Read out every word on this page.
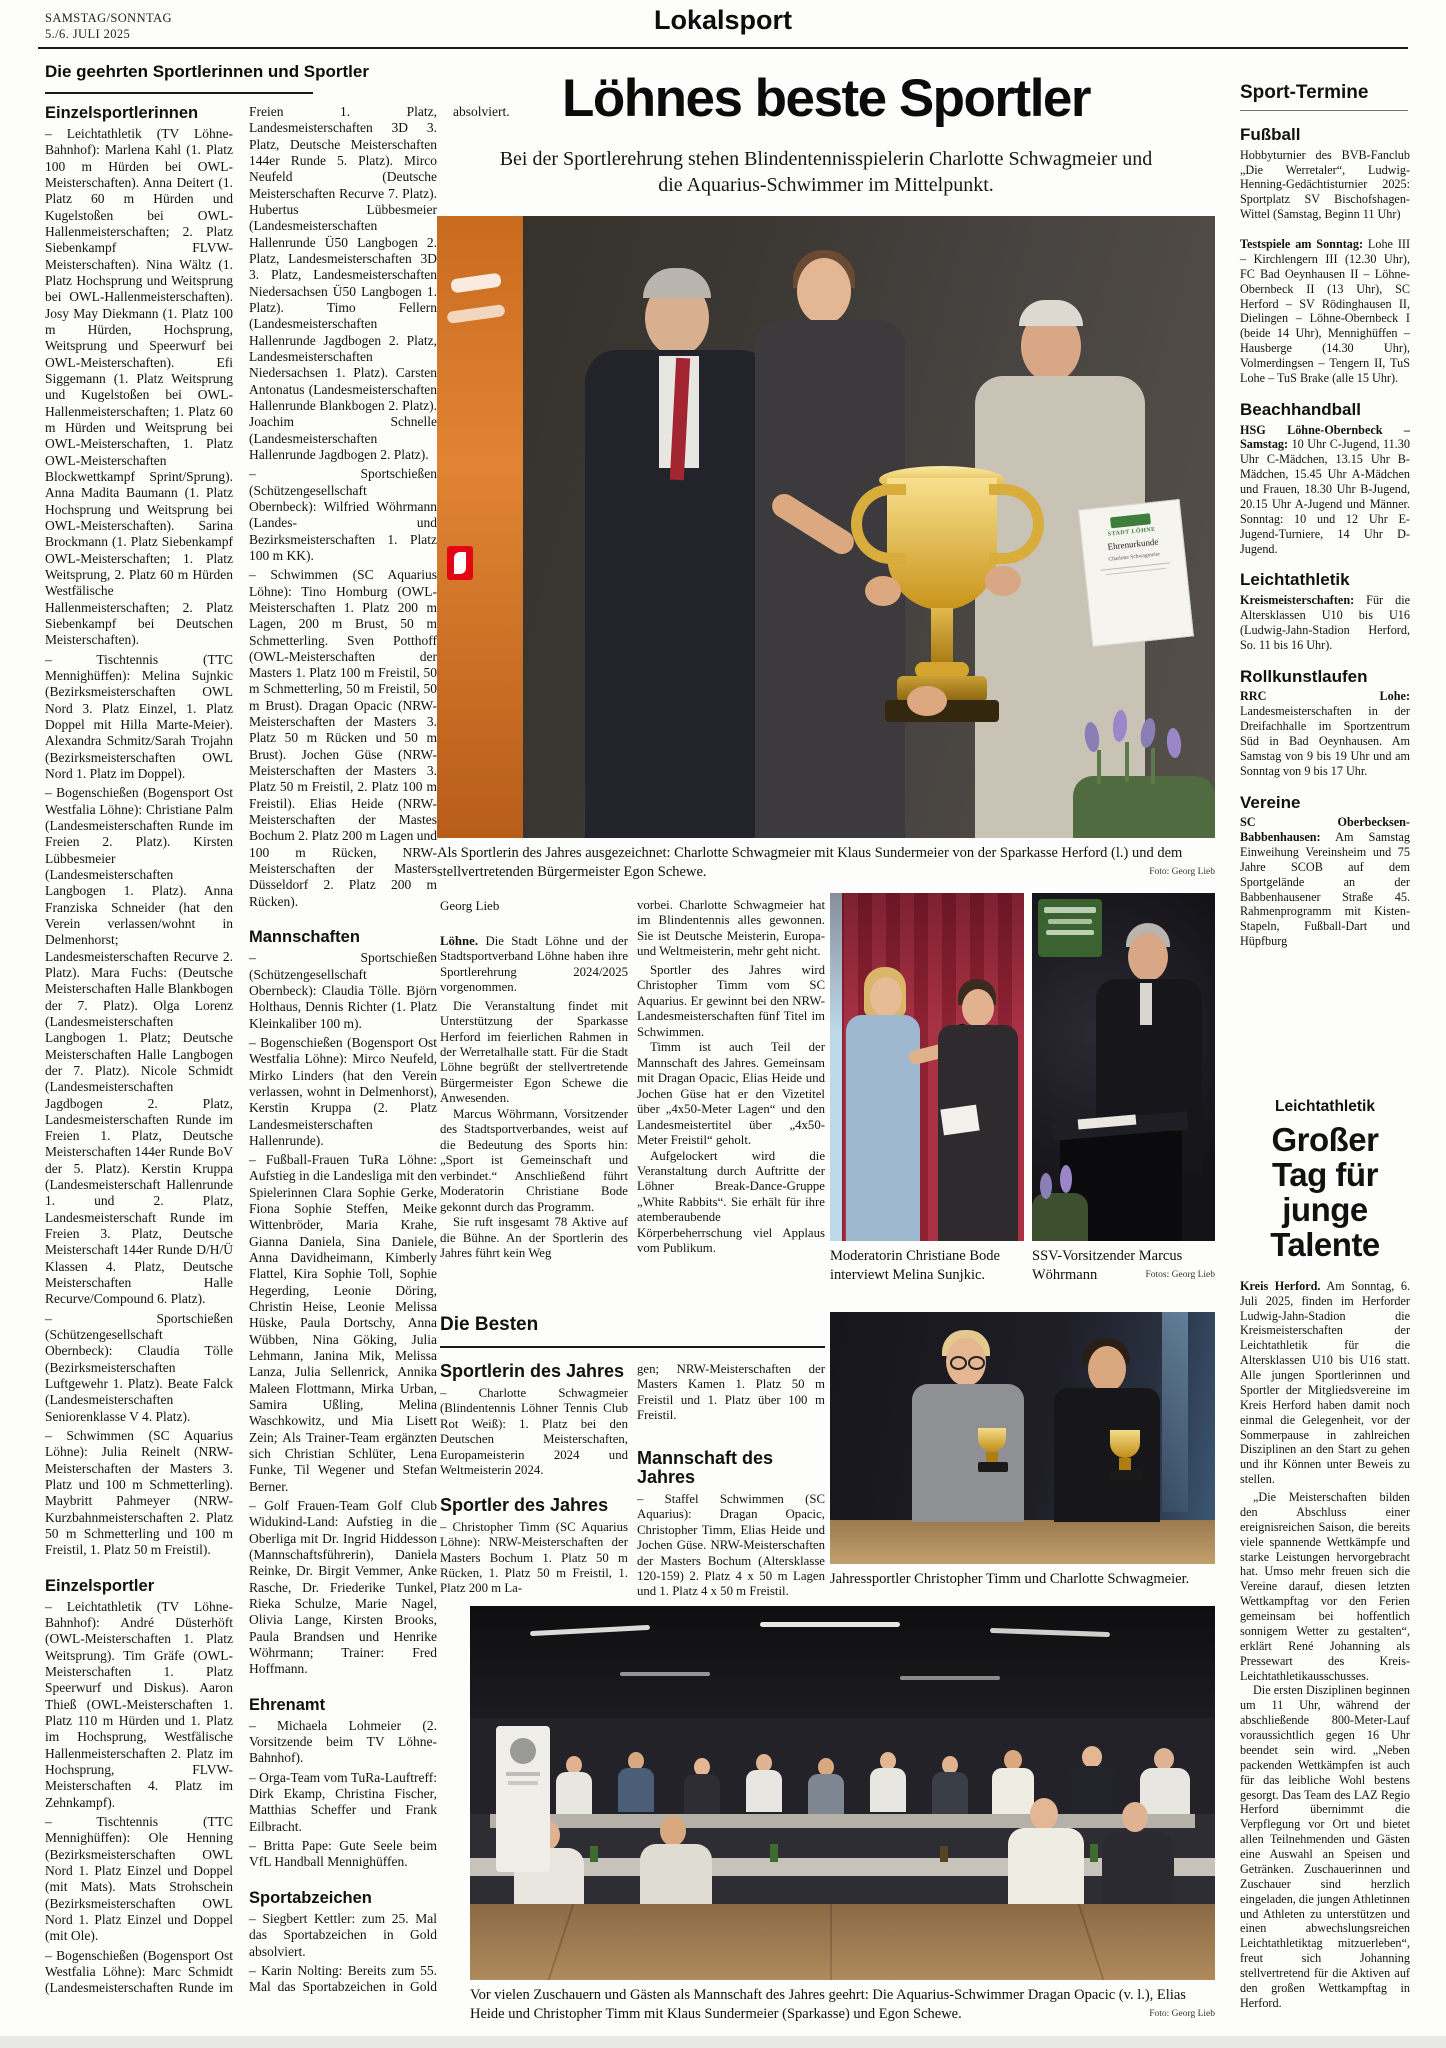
SAMSTAG/SONNTAG
5./6. JULI 2025	Lokalsport
Die geehrten Sportlerinnen und Sportler
Einzelsportlerinnen
– Leichtathletik (TV Löhne-Bahnhof): Marlena Kahl (1. Platz 100 m Hürden bei OWL-Meisterschaften). Anna Deitert (1. Platz 60 m Hürden und Kugelstoßen bei OWL-Hallenmeisterschaften; 2. Platz Siebenkampf FLVW-Meisterschaften). Nina Wältz (1. Platz Hochsprung und Weitsprung bei OWL-Hallenmeisterschaften). Josy May Diekmann (1. Platz 100 m Hürden, Hochsprung, Weitsprung und Speerwurf bei OWL-Meisterschaften). Efi Siggemann (1. Platz Weitsprung und Kugelstoßen bei OWL-Hallenmeisterschaften; 1. Platz 60 m Hürden und Weitsprung bei OWL-Meisterschaften, 1. Platz OWL-Meisterschaften Blockwettkampf Sprint/Sprung). Anna Madita Baumann (1. Platz Hochsprung und Weitsprung bei OWL-Meisterschaften). Sarina Brockmann (1. Platz Siebenkampf OWL-Meisterschaften; 1. Platz Weitsprung, 2. Platz 60 m Hürden Westfälische Hallenmeisterschaften; 2. Platz Siebenkampf bei Deutschen Meisterschaften).
– Tischtennis (TTC Mennighüffen): Melina Sujnkic (Bezirksmeisterschaften OWL Nord 3. Platz Einzel, 1. Platz Doppel mit Hilla Marte-Meier). Alexandra Schmitz/Sarah Trojahn (Bezirksmeisterschaften OWL Nord 1. Platz im Doppel).
– Bogenschießen (Bogensport Ost Westfalia Löhne): Christiane Palm (Landesmeisterschaften Runde im Freien 2. Platz). Kirsten Lübbesmeier (Landesmeisterschaften Langbogen 1. Platz). Anna Franziska Schneider (hat den Verein verlassen/wohnt in Delmenhorst; Landesmeisterschaften Recurve 2. Platz). Mara Fuchs: (Deutsche Meisterschaften Halle Blankbogen der 7. Platz). Olga Lorenz (Landesmeisterschaften Langbogen 1. Platz; Deutsche Meisterschaften Halle Langbogen der 7. Platz). Nicole Schmidt (Landesmeisterschaften Jagdbogen 2. Platz, Landesmeisterschaften Runde im Freien 1. Platz, Deutsche Meisterschaften 144er Runde BoV der 5. Platz). Kerstin Kruppa (Landesmeisterschaft Hallenrunde 1. und 2. Platz, Landesmeisterschaft Runde im Freien 3. Platz, Deutsche Meisterschaft 144er Runde D/H/Ü Klassen 4. Platz, Deutsche Meisterschaften Halle Recurve/Compound 6. Platz).
– Sportschießen (Schützengesellschaft Obernbeck): Claudia Tölle (Bezirksmeisterschaften Luftgewehr 1. Platz). Beate Falck (Landesmeisterschaften Seniorenklasse V 4. Platz).
– Schwimmen (SC Aquarius Löhne): Julia Reinelt (NRW-Meisterschaften der Masters 3. Platz und 100 m Schmetterling). Maybritt Pahmeyer (NRW-Kurzbahnmeisterschaften 2. Platz 50 m Schmetterling und 100 m Freistil, 1. Platz 50 m Freistil).
Einzelsportler
– Leichtathletik (TV Löhne-Bahnhof): André Düsterhöft (OWL-Meisterschaften 1. Platz Weitsprung). Tim Gräfe (OWL-Meisterschaften 1. Platz Speerwurf und Diskus). Aaron Thieß (OWL-Meisterschaften 1. Platz 110 m Hürden und 1. Platz im Hochsprung, Westfälische Hallenmeisterschaften 2. Platz im Hochsprung, FLVW-Meisterschaften 4. Platz im Zehnkampf).
– Tischtennis (TTC Mennighüffen): Ole Henning (Bezirksmeisterschaften OWL Nord 1. Platz Einzel und Doppel (mit Mats). Mats Strohschein (Bezirksmeisterschaften OWL Nord 1. Platz Einzel und Doppel (mit Ole).
– Bogenschießen (Bogensport Ost Westfalia Löhne): Marc Schmidt (Landesmeisterschaften Runde im Freien 1. Platz, Landesmeisterschaften 3D 3. Platz, Deutsche Meisterschaften 144er Runde 5. Platz). Mirco Neufeld (Deutsche Meisterschaften Recurve 7. Platz). Hubertus Lübbesmeier (Landesmeisterschaften Hallenrunde Ü50 Langbogen 2. Platz, Landesmeisterschaften 3D 3. Platz, Landesmeisterschaften Niedersachsen Ü50 Langbogen 1. Platz). Timo Fellern (Landesmeisterschaften Hallenrunde Jagdbogen 2. Platz, Landesmeisterschaften Niedersachsen 1. Platz). Carsten Antonatus (Landesmeisterschaften Hallenrunde Blankbogen 2. Platz). Joachim Schnelle (Landesmeisterschaften Hallenrunde Jagdbogen 2. Platz).
– Sportschießen (Schützengesellschaft Obernbeck): Wilfried Wöhrmann (Landes- und Bezirksmeisterschaften 1. Platz 100 m KK).
– Schwimmen (SC Aquarius Löhne): Tino Homburg (OWL-Meisterschaften 1. Platz 200 m Lagen, 200 m Brust, 50 m Schmetterling. Sven Potthoff (OWL-Meisterschaften der Masters 1. Platz 100 m Freistil, 50 m Schmetterling, 50 m Freistil, 50 m Brust). Dragan Opacic (NRW-Meisterschaften der Masters 3. Platz 50 m Rücken und 50 m Brust). Jochen Güse (NRW-Meisterschaften der Masters 3. Platz 50 m Freistil, 2. Platz 100 m Freistil). Elias Heide (NRW-Meisterschaften der Mastes Bochum 2. Platz 200 m Lagen und 100 m Rücken, NRW-Meisterschaften der Masters Düsseldorf 2. Platz 200 m Rücken).
Mannschaften
– Sportschießen (Schützengesellschaft Obernbeck): Claudia Tölle. Björn Holthaus, Dennis Richter (1. Platz Kleinkaliber 100 m).
– Bogenschießen (Bogensport Ost Westfalia Löhne): Mirco Neufeld, Mirko Linders (hat den Verein verlassen, wohnt in Delmenhorst), Kerstin Kruppa (2. Platz Landesmeisterschaften Hallenrunde).
– Fußball-Frauen TuRa Löhne: Aufstieg in die Landesliga mit den Spielerinnen Clara Sophie Gerke, Fiona Sophie Steffen, Meike Wittenbröder, Maria Krahe, Gianna Daniela, Sina Daniele, Anna Davidheimann, Kimberly Flattel, Kira Sophie Toll, Sophie Hegerding, Leonie Döring, Christin Heise, Leonie Melissa Hüske, Paula Dortschy, Anna Wübben, Nina Göking, Julia Lehmann, Janina Mik, Melissa Lanza, Julia Sellenrick, Annika Maleen Flottmann, Mirka Urban, Samira Ußling, Melina Waschkowitz, und Mia Lisett Zein; Als Trainer-Team ergänzten sich Christian Schlüter, Lena Funke, Til Wegener und Stefan Berner.
– Golf Frauen-Team Golf Club Widukind-Land: Aufstieg in die Oberliga mit Dr. Ingrid Hiddesson (Mannschaftsführerin), Daniela Reinke, Dr. Birgit Vemmer, Anke Rasche, Dr. Friederike Tunkel, Rieka Schulze, Marie Nagel, Olivia Lange, Kirsten Brooks, Paula Brandsen und Henrike Wöhrmann; Trainer: Fred Hoffmann.
Ehrenamt
– Michaela Lohmeier (2. Vorsitzende beim TV Löhne-Bahnhof).
– Orga-Team vom TuRa-Lauftreff: Dirk Ekamp, Christina Fischer, Matthias Scheffer und Frank Eilbracht.
– Britta Pape: Gute Seele beim VfL Handball Mennighüffen.
Sportabzeichen
– Siegbert Kettler: zum 25. Mal das Sportabzeichen in Gold absolviert.
– Karin Nolting: Bereits zum 55. Mal das Sportabzeichen in Gold absolviert. Löhnes beste Sportler
Bei der Sportlerehrung stehen Blindentennisspielerin Charlotte Schwagmeier und die Aquarius-Schwimmer im Mittelpunkt.
STADT LÖHNE
Ehrenurkunde
Charlotte Schwagmeier
Als Sportlerin des Jahres ausgezeichnet: Charlotte Schwagmeier mit Klaus Sundermeier von der Sparkasse Herford (l.) und dem stellvertretenden Bürgermeister Egon Schewe.	Foto: Georg Lieb
Georg Lieb
Löhne. Die Stadt Löhne und der Stadtsportverband Löhne haben ihre Sportlerehrung 2024/2025 vorgenommen.
Die Veranstaltung findet mit Unterstützung der Sparkasse Herford im feierlichen Rahmen in der Werretalhalle statt. Für die Stadt Löhne begrüßt der stellvertretende Bürgermeister Egon Schewe die Anwesenden.
Marcus Wöhrmann, Vorsitzender des Stadtsportverbandes, weist auf die Bedeutung des Sports hin: „Sport ist Gemeinschaft und verbindet.“ Anschließend führt Moderatorin Christiane Bode gekonnt durch das Programm.
Sie ruft insgesamt 78 Aktive auf die Bühne. An der Sportlerin des Jahres führt kein Weg
vorbei. Charlotte Schwagmeier hat im Blindentennis alles gewonnen. Sie ist Deutsche Meisterin, Europa- und Weltmeisterin, mehr geht nicht.
Sportler des Jahres wird Christopher Timm vom SC Aquarius. Er gewinnt bei den NRW-Landesmeisterschaften fünf Titel im Schwimmen.
Timm ist auch Teil der Mannschaft des Jahres. Gemeinsam mit Dragan Opacic, Elias Heide und Jochen Güse hat er den Vizetitel über „4x50-Meter Lagen“ und den Landesmeistertitel über „4x50-Meter Freistil“ geholt.
Aufgelockert wird die Veranstaltung durch Auftritte der Löhner Break-Dance-Gruppe „White Rabbits“. Sie erhält für ihre atemberaubende Körperbeherrschung viel Applaus vom Publikum.
Die Besten
Sportlerin des Jahres
– Charlotte Schwagmeier (Blindentennis Löhner Tennis Club Rot Weiß): 1. Platz bei den Deutschen Meisterschaften, Europameisterin 2024 und Weltmeisterin 2024.
Sportler des Jahres
– Christopher Timm (SC Aquarius Löhne): NRW-Meisterschaften der Masters Bochum 1. Platz 50 m Rücken, 1. Platz 50 m Freistil, 1. Platz 200 m La-
gen; NRW-Meisterschaften der Masters Kamen 1. Platz 50 m Freistil und 1. Platz über 100 m Freistil.
Mannschaft des Jahres
– Staffel Schwimmen (SC Aquarius): Dragan Opacic, Christopher Timm, Elias Heide und Jochen Güse. NRW-Meisterschaften der Masters Bochum (Altersklasse 120-159) 2. Platz 4 x 50 m Lagen und 1. Platz 4 x 50 m Freistil.
Moderatorin Christiane Bode interviewt Melina Sunjkic.
SSV-Vorsitzender Marcus Wöhrmann	Fotos: Georg Lieb
Jahressportler Christopher Timm und Charlotte Schwagmeier.
Vor vielen Zuschauern und Gästen als Mannschaft des Jahres geehrt: Die Aquarius-Schwimmer Dragan Opacic (v. l.), Elias Heide und Christopher Timm mit Klaus Sundermeier (Sparkasse) und Egon Schewe.	Foto: Georg Lieb
Sport-Termine
Fußball
Hobbyturnier des BVB-Fanclub „Die Werretaler“, Ludwig-Henning-Gedächtisturnier 2025: Sportplatz SV Bischofshagen-Wittel (Samstag, Beginn 11 Uhr)
Testspiele am Sonntag: Lohe III – Kirchlengern III (12.30 Uhr), FC Bad Oeynhausen II – Löhne-Obernbeck II (13 Uhr), SC Herford – SV Rödinghausen II, Dielingen – Löhne-Obernbeck I (beide 14 Uhr), Mennighüffen – Hausberge (14.30 Uhr), Volmerdingsen – Tengern II, TuS Lohe – TuS Brake (alle 15 Uhr).
Beachhandball
HSG Löhne-Obernbeck – Samstag: 10 Uhr C-Jugend, 11.30 Uhr C-Mädchen, 13.15 Uhr B-Mädchen, 15.45 Uhr A-Mädchen und Frauen, 18.30 Uhr B-Jugend, 20.15 Uhr A-Jugend und Männer. Sonntag: 10 und 12 Uhr E-Jugend-Turniere, 14 Uhr D-Jugend.
Leichtathletik
Kreismeisterschaften: Für die Altersklassen U10 bis U16 (Ludwig-Jahn-Stadion Herford, So. 11 bis 16 Uhr).
Rollkunstlaufen
RRC Lohe: Landesmeisterschaften in der Dreifachhalle im Sportzentrum Süd in Bad Oeynhausen. Am Samstag von 9 bis 19 Uhr und am Sonntag von 9 bis 17 Uhr.
Vereine
SC Oberbecksen-Babbenhausen: Am Samstag Einweihung Vereinsheim und 75 Jahre SCOB auf dem Sportgelände an der Babbenhausener Straße 45. Rahmenprogramm mit Kisten-Stapeln, Fußball-Dart und Hüpfburg
Leichtathletik
Großer Tag für junge Talente
Kreis Herford. Am Sonntag, 6. Juli 2025, finden im Herforder Ludwig-Jahn-Stadion die Kreismeisterschaften der Leichtathletik für die Altersklassen U10 bis U16 statt. Alle jungen Sportlerinnen und Sportler der Mitgliedsvereine im Kreis Herford haben damit noch einmal die Gelegenheit, vor der Sommerpause in zahlreichen Disziplinen an den Start zu gehen und ihr Können unter Beweis zu stellen.
„Die Meisterschaften bilden den Abschluss einer ereignisreichen Saison, die bereits viele spannende Wettkämpfe und starke Leistungen hervorgebracht hat. Umso mehr freuen sich die Vereine darauf, diesen letzten Wettkampftag vor den Ferien gemeinsam bei hoffentlich sonnigem Wetter zu gestalten“, erklärt René Johanning als Pressewart des Kreis-Leichtathletikausschusses.
Die ersten Disziplinen beginnen um 11 Uhr, während der abschließende 800-Meter-Lauf voraussichtlich gegen 16 Uhr beendet sein wird. „Neben packenden Wettkämpfen ist auch für das leibliche Wohl bestens gesorgt. Das Team des LAZ Regio Herford übernimmt die Verpflegung vor Ort und bietet allen Teilnehmenden und Gästen eine Auswahl an Speisen und Getränken. Zuschauerinnen und Zuschauer sind herzlich eingeladen, die jungen Athletinnen und Athleten zu unterstützen und einen abwechslungsreichen Leichtathletiktag mitzuerleben“, freut sich Johanning stellvertretend für die Aktiven auf den großen Wettkampftag in Herford.
